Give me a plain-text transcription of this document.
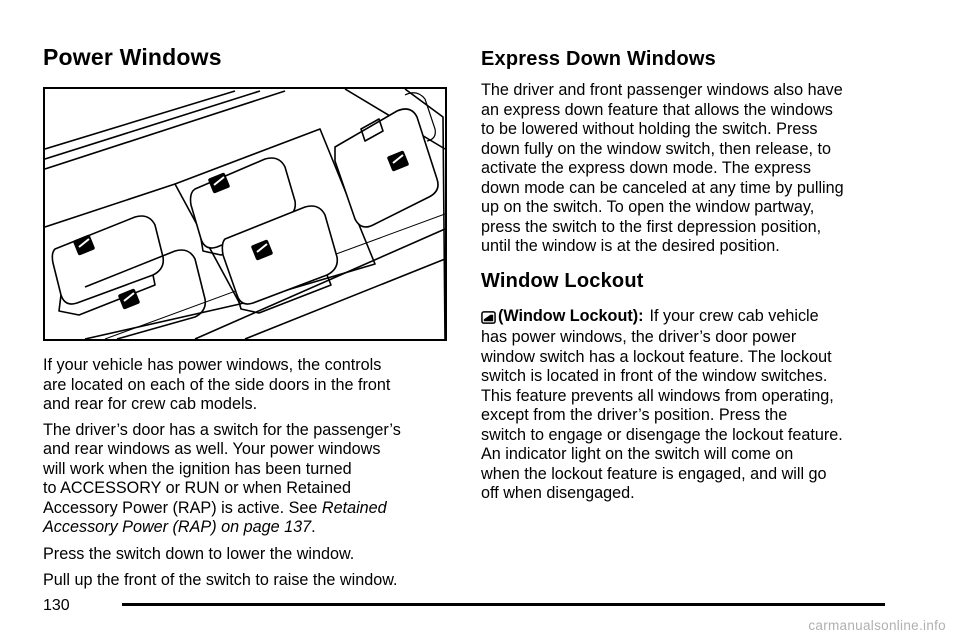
Power Windows

If your vehicle has power windows, the controls
are located on each of the side doors in the front
and rear for crew cab models.

The driver’s door has a switch for the passenger’s
and rear windows as well. Your power windows
will work when the ignition has been turned
to ACCESSORY or RUN or when Retained
Accessory Power (RAP) is active. See Retained
Accessory Power (RAP) on page 137.

Press the switch down to lower the window.

Pull up the front of the switch to raise the window.

Express Down Windows

The driver and front passenger windows also have
an express down feature that allows the windows
to be lowered without holding the switch. Press
down fully on the window switch, then release, to
activate the express down mode. The express
down mode can be canceled at any time by pulling
up on the switch. To open the window partway,
press the switch to the first depression position,
until the window is at the desired position.

Window Lockout

(Window Lockout): If your crew cab vehicle

has power windows, the driver’s door power
window switch has a lockout feature. The lockout
switch is located in front of the window switches.
This feature prevents all windows from operating,
except from the driver’s position. Press the
switch to engage or disengage the lockout feature.
An indicator light on the switch will come on
when the lockout feature is engaged, and will go
off when disengaged.

130
carmanualsonline.info
